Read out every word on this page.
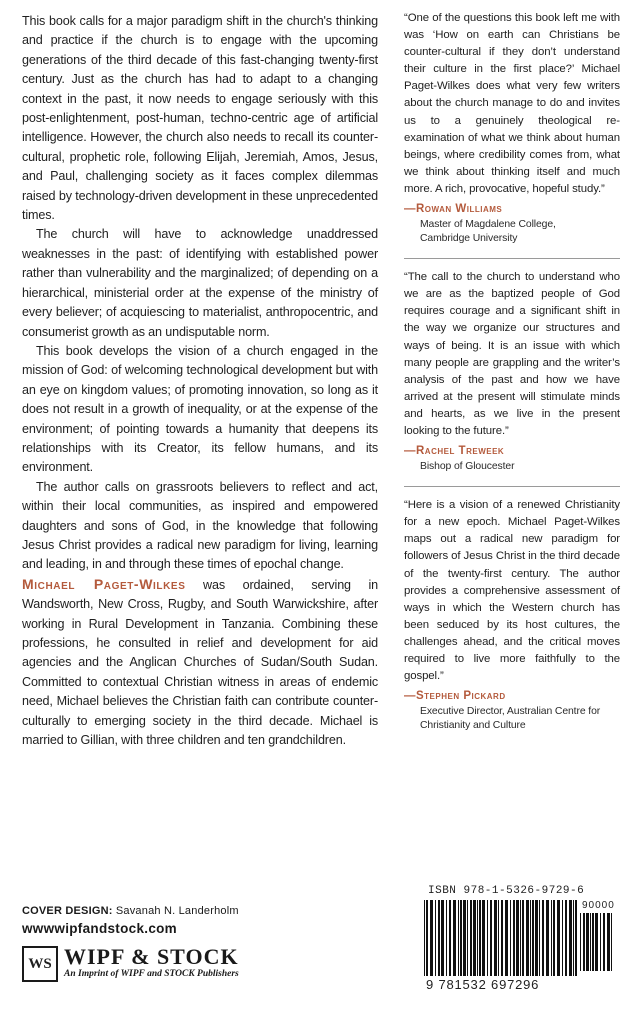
This book calls for a major paradigm shift in the church's thinking and practice if the church is to engage with the upcoming generations of the third decade of this fast-changing twenty-first century. Just as the church has had to adapt to a changing context in the past, it now needs to engage seriously with this post-enlightenment, post-human, techno-centric age of artificial intelligence. However, the church also needs to recall its counter-cultural, prophetic role, following Elijah, Jeremiah, Amos, Jesus, and Paul, challenging society as it faces complex dilemmas raised by technology-driven development in these unprecedented times.

The church will have to acknowledge unaddressed weaknesses in the past: of identifying with established power rather than vulnerability and the marginalized; of depending on a hierarchical, ministerial order at the expense of the ministry of every believer; of acquiescing to materialist, anthropocentric, and consumerist growth as an undisputable norm.

This book develops the vision of a church engaged in the mission of God: of welcoming technological development but with an eye on kingdom values; of promoting innovation, so long as it does not result in a growth of inequality, or at the expense of the environment; of pointing towards a humanity that deepens its relationships with its Creator, its fellow humans, and its environment.

The author calls on grassroots believers to reflect and act, within their local communities, as inspired and empowered daughters and sons of God, in the knowledge that following Jesus Christ provides a radical new paradigm for living, learning and leading, in and through these times of epochal change.

Michael Paget-Wilkes was ordained, serving in Wandsworth, New Cross, Rugby, and South Warwickshire, after working in Rural Development in Tanzania. Combining these professions, he consulted in relief and development for aid agencies and the Anglican Churches of Sudan/South Sudan. Committed to contextual Christian witness in areas of endemic need, Michael believes the Christian faith can contribute counter-culturally to emerging society in the third decade. Michael is married to Gillian, with three children and ten grandchildren.

“One of the questions this book left me with was ‘How on earth can Christians be counter-cultural if they don’t understand their culture in the first place?’ Michael Paget-Wilkes does what very few writers about the church manage to do and invites us to a genuinely theological re-examination of what we think about human beings, where credibility comes from, what we think about thinking itself and much more. A rich, provocative, hopeful study.”

—Rowan Williams
Master of Magdalene College,
Cambridge University

“The call to the church to understand who we are as the baptized people of God requires courage and a significant shift in the way we organize our structures and ways of being. It is an issue with which many people are grappling and the writer’s analysis of the past and how we have arrived at the present will stimulate minds and hearts, as we live in the present looking to the future.”

—Rachel Treweek
Bishop of Gloucester

“Here is a vision of a renewed Christianity for a new epoch. Michael Paget-Wilkes maps out a radical new paradigm for followers of Jesus Christ in the third decade of the twenty-first century. The author provides a comprehensive assessment of ways in which the Western church has been seduced by its host cultures, the challenges ahead, and the critical moves required to live more faithfully to the gospel.”

—Stephen Pickard
Executive Director, Australian Centre for
Christianity and Culture
COVER DESIGN: Savanah N. Landerholm
wwwwipfandstock.com
WS WIPF & STOCK
An Imprint of WIPF and STOCK Publishers
ISBN 978-1-5326-9729-6
90000
9 781532 697296
